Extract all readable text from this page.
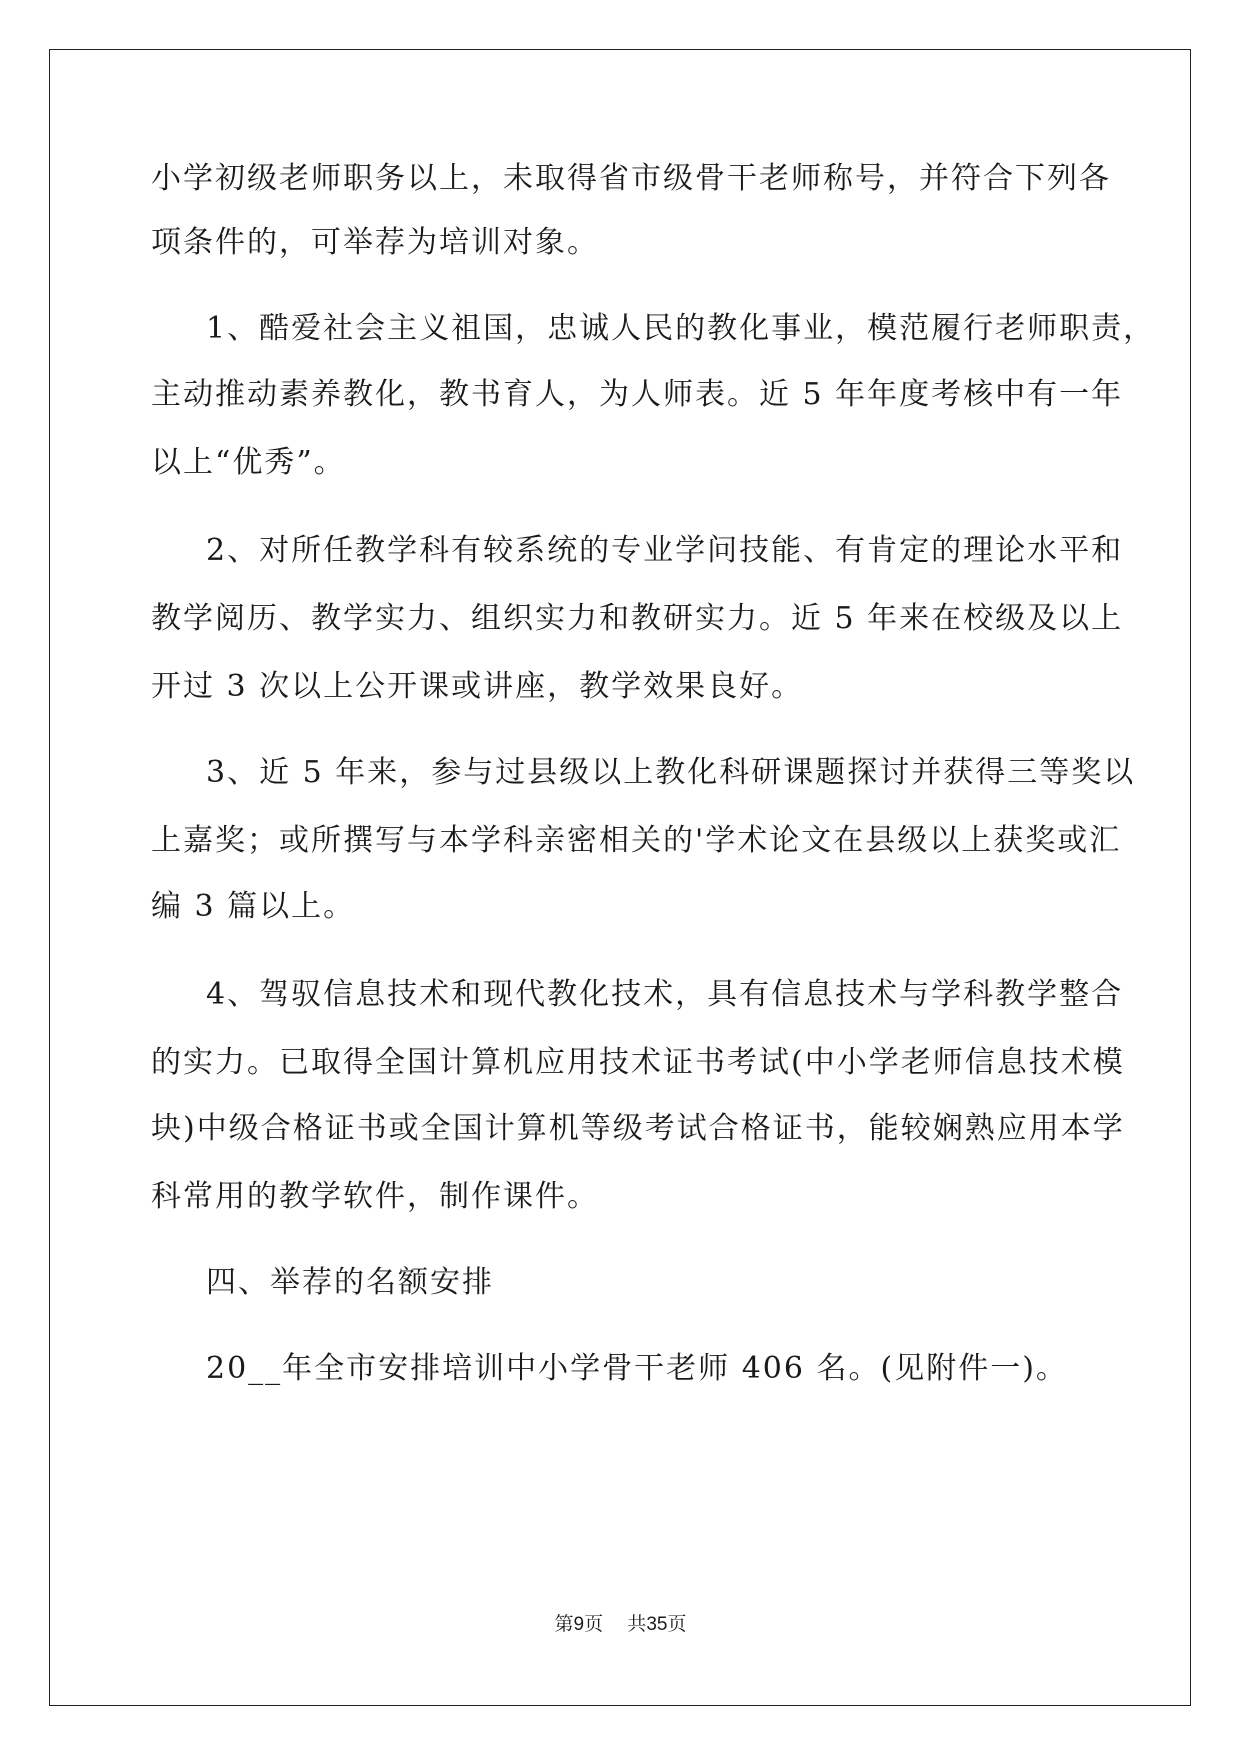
小学初级老师职务以上，未取得省市级骨干老师称号，并符合下列各
项条件的，可举荐为培训对象。
1、酷爱社会主义祖国，忠诚人民的教化事业，模范履行老师职责，
主动推动素养教化，教书育人，为人师表。近 5 年年度考核中有一年
以上“优秀”。
2、对所任教学科有较系统的专业学问技能、有肯定的理论水平和
教学阅历、教学实力、组织实力和教研实力。近 5 年来在校级及以上
开过 3 次以上公开课或讲座，教学效果良好。
3、近 5 年来，参与过县级以上教化科研课题探讨并获得三等奖以
上嘉奖；或所撰写与本学科亲密相关的'学术论文在县级以上获奖或汇
编 3 篇以上。
4、驾驭信息技术和现代教化技术，具有信息技术与学科教学整合
的实力。已取得全国计算机应用技术证书考试(中小学老师信息技术模
块)中级合格证书或全国计算机等级考试合格证书，能较娴熟应用本学
科常用的教学软件，制作课件。
四、举荐的名额安排
20__年全市安排培训中小学骨干老师 406 名。(见附件一)。
第9页 共35页
